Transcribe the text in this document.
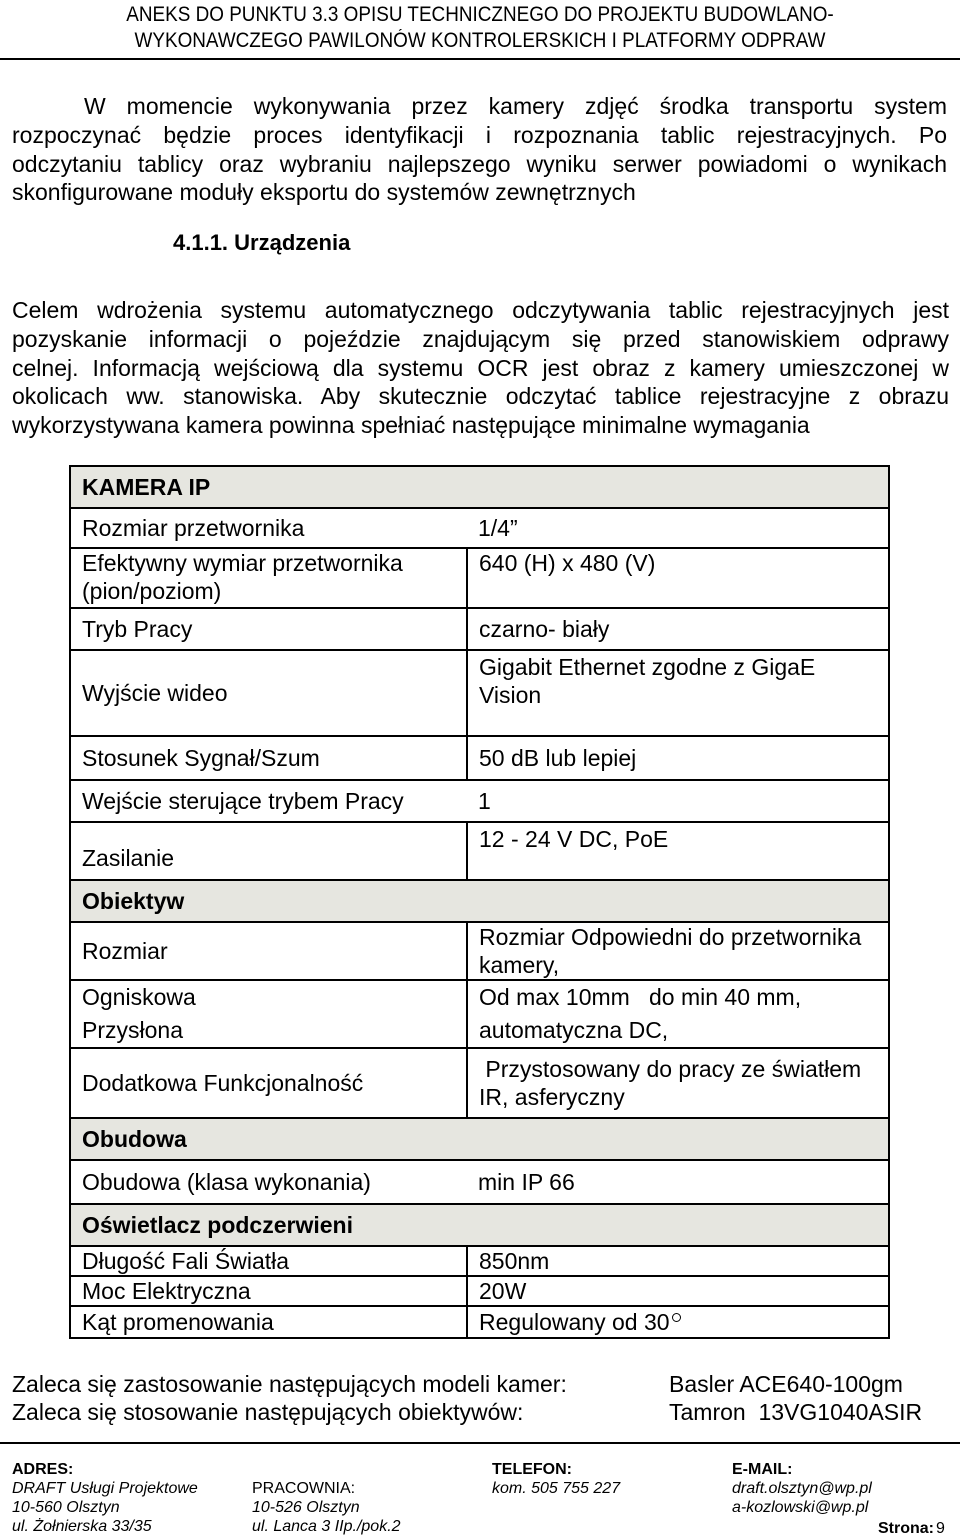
ANEKS DO PUNKTU 3.3 OPISU TECHNICZNEGO DO PROJEKTU BUDOWLANO-
WYKONAWCZEGO PAWILONÓW KONTROLERSKICH I PLATFORMY ODPRAW
W momencie wykonywania przez kamery zdjęć środka transportu system
rozpoczynać będzie proces identyfikacji i rozpoznania tablic rejestracyjnych. Po
odczytaniu tablicy oraz wybraniu najlepszego wyniku serwer powiadomi o wynikach
skonfigurowane moduły eksportu do systemów zewnętrznych
4.1.1. Urządzenia
Celem wdrożenia systemu automatycznego odczytywania tablic rejestracyjnych jest
pozyskanie informacji o pojeździe znajdującym się przed stanowiskiem odprawy
celnej. Informacją wejściową dla systemu OCR jest obraz z kamery umieszczonej w
okolicach ww. stanowiska. Aby skutecznie odczytać tablice rejestracyjne z obrazu
wykorzystywana kamera powinna spełniać następujące minimalne wymagania
KAMERA IP	
Rozmiar przetwornika	1/4”
Efektywny wymiar przetwornika (pion/poziom)	640 (H) x 480 (V)
Tryb Pracy	czarno- biały
Wyjście wideo	Gigabit Ethernet zgodne z GigaE Vision
Stosunek Sygnał/Szum	50 dB lub lepiej
Wejście sterujące trybem Pracy	1
Zasilanie	12 - 24 V DC, PoE
Obiektyw	
Rozmiar	Rozmiar Odpowiedni do przetwornika kamery,
Ogniskowa	Od max 10mm   do min 40 mm,
Przysłona	automatyczna DC,
Dodatkowa Funkcjonalność	Przystosowany do pracy ze światłem IR, asferyczny
Obudowa	
Obudowa (klasa wykonania)	min IP 66
Oświetlacz podczerwieni	
Długość Fali Światła	850nm
Moc Elektryczna	20W
Kąt promenowania	Regulowany od 30
Zaleca się zastosowanie następujących modeli kamer:	Basler ACE640-100gm
Zaleca się stosowanie następujących obiektywów:	Tamron  13VG1040ASIR
ADRES:
DRAFT Usługi Projektowe
10-560 Olsztyn
ul. Żołnierska 33/35
PRACOWNIA:
10-526 Olsztyn
ul. Lanca 3 IIp./pok.2
TELEFON:
kom. 505 755 227
E-MAIL:
draft.olsztyn@wp.pl
a-kozlowski@wp.pl
Strona: 9
